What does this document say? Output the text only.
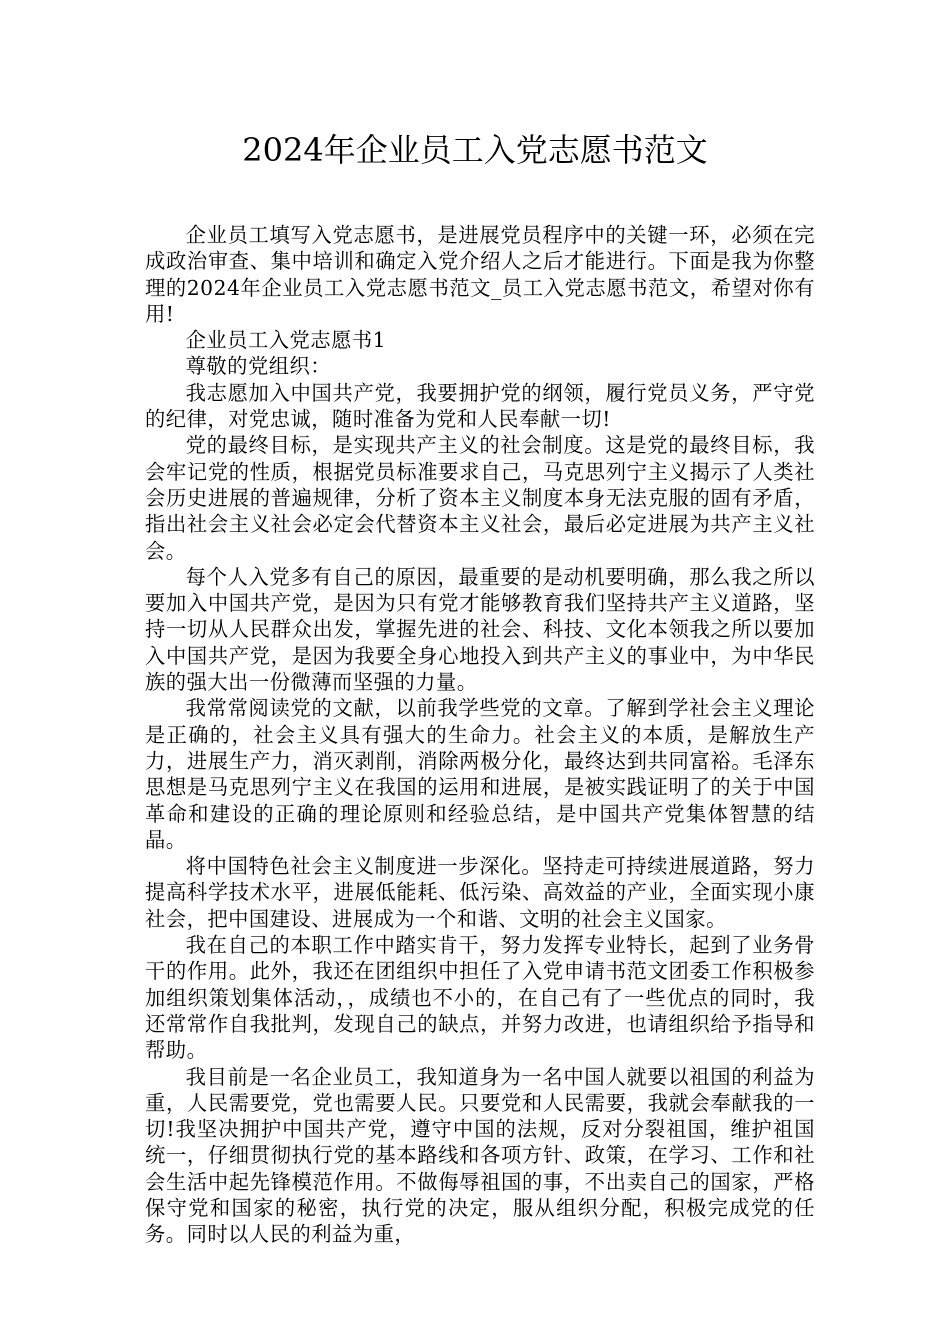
2024年企业员工入党志愿书范文

企业员工填写入党志愿书，是进展党员程序中的关键一环，必须在完成政治审查、集中培训和确定入党介绍人之后才能进行。下面是我为你整理的2024年企业员工入党志愿书范文_员工入党志愿书范文，希望对你有用!

企业员工入党志愿书1

尊敬的党组织：

我志愿加入中国共产党，我要拥护党的纲领，履行党员义务，严守党的纪律，对党忠诚，随时准备为党和人民奉献一切!

党的最终目标，是实现共产主义的社会制度。这是党的最终目标，我会牢记党的性质，根据党员标准要求自己，马克思列宁主义揭示了人类社会历史进展的普遍规律，分析了资本主义制度本身无法克服的固有矛盾，指出社会主义社会必定会代替资本主义社会，最后必定进展为共产主义社会。

每个人入党多有自己的原因，最重要的是动机要明确，那么我之所以要加入中国共产党，是因为只有党才能够教育我们坚持共产主义道路，坚持一切从人民群众出发，掌握先进的社会、科技、文化本领我之所以要加入中国共产党，是因为我要全身心地投入到共产主义的事业中，为中华民族的强大出一份微薄而坚强的力量。

我常常阅读党的文献，以前我学些党的文章。了解到学社会主义理论是正确的，社会主义具有强大的生命力。社会主义的本质，是解放生产力，进展生产力，消灭剥削，消除两极分化，最终达到共同富裕。毛泽东思想是马克思列宁主义在我国的运用和进展，是被实践证明了的关于中国革命和建设的正确的理论原则和经验总结，是中国共产党集体智慧的结晶。

将中国特色社会主义制度进一步深化。坚持走可持续进展道路，努力提高科学技术水平，进展低能耗、低污染、高效益的产业，全面实现小康社会，把中国建设、进展成为一个和谐、文明的社会主义国家。

我在自己的本职工作中踏实肯干，努力发挥专业特长，起到了业务骨干的作用。此外，我还在团组织中担任了入党申请书范文团委工作积极参加组织策划集体活动，，成绩也不小的，在自己有了一些优点的同时，我还常常作自我批判，发现自己的缺点，并努力改进，也请组织给予指导和帮助。

我目前是一名企业员工，我知道身为一名中国人就要以祖国的利益为重，人民需要党，党也需要人民。只要党和人民需要，我就会奉献我的一切!我坚决拥护中国共产党，遵守中国的法规，反对分裂祖国，维护祖国统一，仔细贯彻执行党的基本路线和各项方针、政策，在学习、工作和社会生活中起先锋模范作用。不做侮辱祖国的事，不出卖自己的国家，严格保守党和国家的秘密，执行党的决定，服从组织分配，积极完成党的任务。同时以人民的利益为重，
